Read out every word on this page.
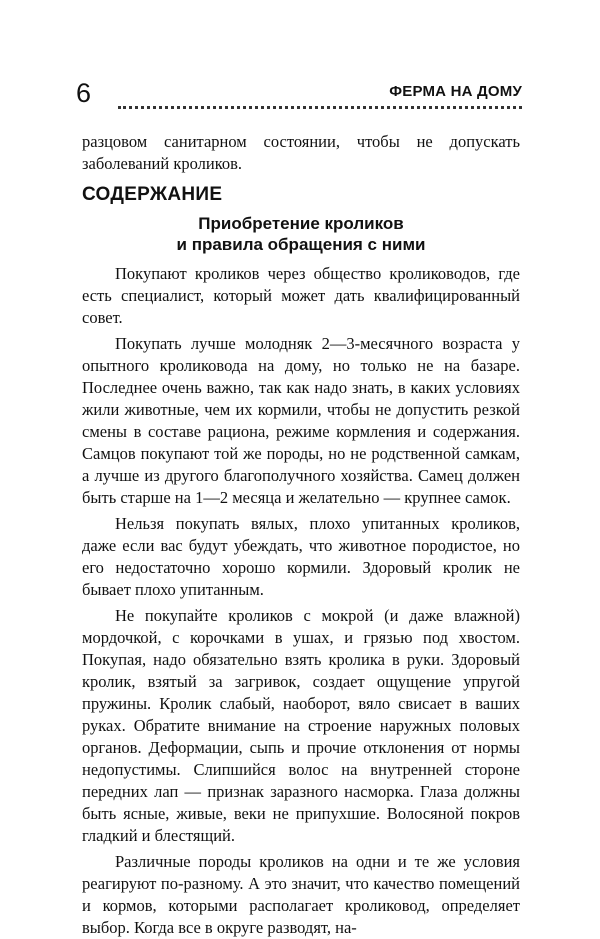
6	ФЕРМА НА ДОМУ

разцовом санитарном состоянии, чтобы не допускать заболеваний кроликов.

СОДЕРЖАНИЕ
Приобретение кроликов
и правила обращения с ними

Покупают кроликов через общество кролиководов, где есть специалист, который может дать квалифицированный совет.

Покупать лучше молодняк 2—3-месячного возраста у опытного кроликовода на дому, но только не на базаре. Последнее очень важно, так как надо знать, в каких условиях жили животные, чем их кормили, чтобы не допустить резкой смены в составе рациона, режиме кормления и содержания. Самцов покупают той же породы, но не родственной самкам, а лучше из другого благополучного хозяйства. Самец должен быть старше на 1—2 месяца и желательно — крупнее самок.

Нельзя покупать вялых, плохо упитанных кроликов, даже если вас будут убеждать, что животное породистое, но его недостаточно хорошо кормили. Здоровый кролик не бывает плохо упитанным.

Не покупайте кроликов с мокрой (и даже влажной) мордочкой, с корочками в ушах, и грязью под хвостом. Покупая, надо обязательно взять кролика в руки. Здоровый кролик, взятый за загривок, создает ощущение упругой пружины. Кролик слабый, наоборот, вяло свисает в ваших руках. Обратите внимание на строение наружных половых органов. Деформации, сыпь и прочие отклонения от нормы недопустимы. Слипшийся волос на внутренней стороне передних лап — признак заразного насморка. Глаза должны быть ясные, живые, веки не припухшие. Волосяной покров гладкий и блестящий.

Различные породы кроликов на одни и те же условия реагируют по-разному. А это значит, что качество помещений и кормов, которыми располагает кроликовод, определяет выбор. Когда все в округе разводят, на-
